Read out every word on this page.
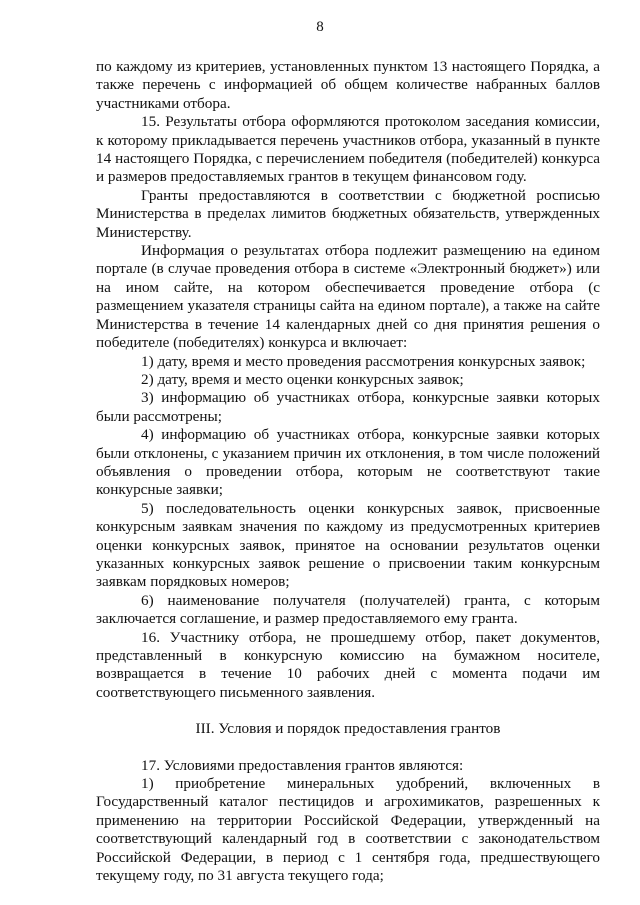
8

по каждому из критериев, установленных пунктом 13 настоящего Порядка, а также перечень с информацией об общем количестве набранных баллов участниками отбора.

15. Результаты отбора оформляются протоколом заседания комиссии, к которому прикладывается перечень участников отбора, указанный в пункте 14 настоящего Порядка, с перечислением победителя (победителей) конкурса и размеров предоставляемых грантов в текущем финансовом году.

Гранты предоставляются в соответствии с бюджетной росписью Министерства в пределах лимитов бюджетных обязательств, утвержденных Министерству.

Информация о результатах отбора подлежит размещению на едином портале (в случае проведения отбора в системе «Электронный бюджет») или на ином сайте, на котором обеспечивается проведение отбора (с размещением указателя страницы сайта на едином портале), а также на сайте Министерства в течение 14 календарных дней со дня принятия решения о победителе (победителях) конкурса и включает:

1) дату, время и место проведения рассмотрения конкурсных заявок;

2) дату, время и место оценки конкурсных заявок;

3) информацию об участниках отбора, конкурсные заявки которых были рассмотрены;

4) информацию об участниках отбора, конкурсные заявки которых были отклонены, с указанием причин их отклонения, в том числе положений объявления о проведении отбора, которым не соответствуют такие конкурсные заявки;

5) последовательность оценки конкурсных заявок, присвоенные конкурсным заявкам значения по каждому из предусмотренных критериев оценки конкурсных заявок, принятое на основании результатов оценки указанных конкурсных заявок решение о присвоении таким конкурсным заявкам порядковых номеров;

6) наименование получателя (получателей) гранта, с которым заключается соглашение, и размер предоставляемого ему гранта.

16. Участнику отбора, не прошедшему отбор, пакет документов, представленный в конкурсную комиссию на бумажном носителе, возвращается в течение 10 рабочих дней с момента подачи им соответствующего письменного заявления.

III. Условия и порядок предоставления грантов

17. Условиями предоставления грантов являются:

1) приобретение минеральных удобрений, включенных в Государственный каталог пестицидов и агрохимикатов, разрешенных к применению на территории Российской Федерации, утвержденный на соответствующий календарный год в соответствии с законодательством Российской Федерации, в период с 1 сентября года, предшествующего текущему году, по 31 августа текущего года;
